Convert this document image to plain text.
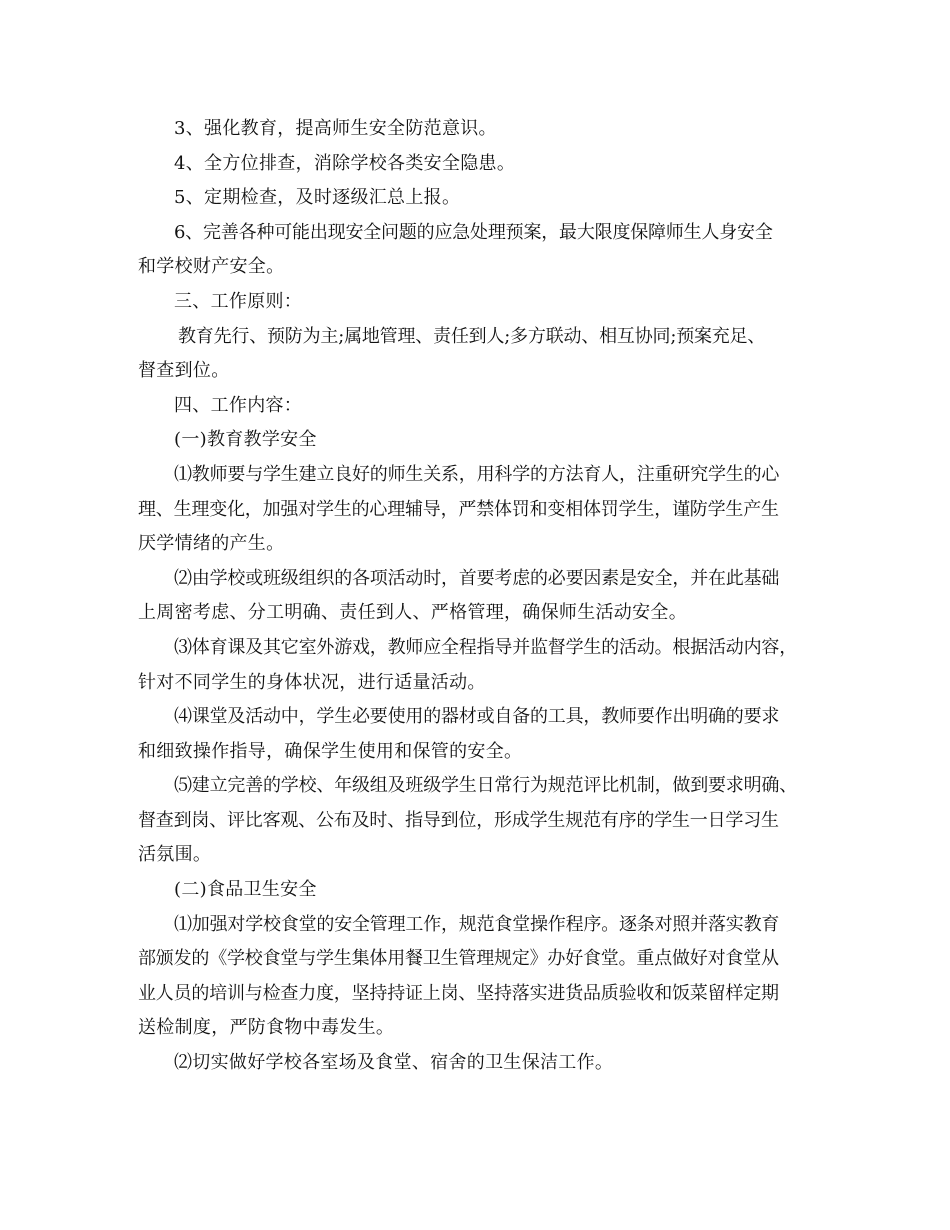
3、强化教育，提高师生安全防范意识。
4、全方位排查，消除学校各类安全隐患。
5、定期检查，及时逐级汇总上报。
6、完善各种可能出现安全问题的应急处理预案，最大限度保障师生人身安全
和学校财产安全。
三、工作原则：
教育先行、预防为主;属地管理、责任到人;多方联动、相互协同;预案充足、
督查到位。
四、工作内容：
(一)教育教学安全
⑴教师要与学生建立良好的师生关系，用科学的方法育人，注重研究学生的心
理、生理变化，加强对学生的心理辅导，严禁体罚和变相体罚学生，谨防学生产生
厌学情绪的产生。
⑵由学校或班级组织的各项活动时，首要考虑的必要因素是安全，并在此基础
上周密考虑、分工明确、责任到人、严格管理，确保师生活动安全。
⑶体育课及其它室外游戏，教师应全程指导并监督学生的活动。根据活动内容，
针对不同学生的身体状况，进行适量活动。
⑷课堂及活动中，学生必要使用的器材或自备的工具，教师要作出明确的要求
和细致操作指导，确保学生使用和保管的安全。
⑸建立完善的学校、年级组及班级学生日常行为规范评比机制，做到要求明确、
督查到岗、评比客观、公布及时、指导到位，形成学生规范有序的学生一日学习生
活氛围。
(二)食品卫生安全
⑴加强对学校食堂的安全管理工作，规范食堂操作程序。逐条对照并落实教育
部颁发的《学校食堂与学生集体用餐卫生管理规定》办好食堂。重点做好对食堂从
业人员的培训与检查力度，坚持持证上岗、坚持落实进货品质验收和饭菜留样定期
送检制度，严防食物中毒发生。
⑵切实做好学校各室场及食堂、宿舍的卫生保洁工作。
